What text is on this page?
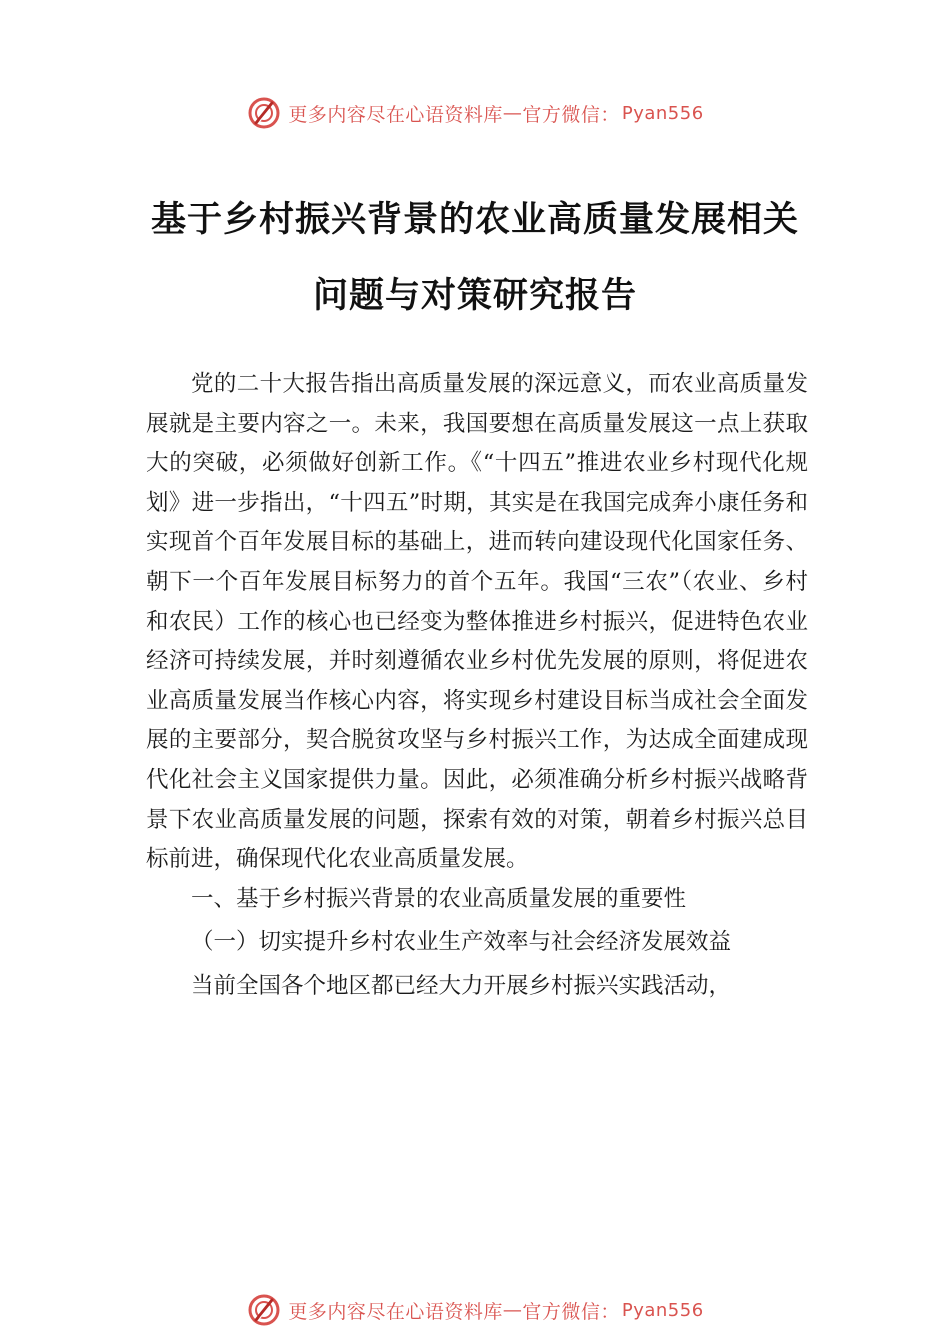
更多内容尽在心语资料库 — 官方微信： Pyan556
基于乡村振兴背景的农业高质量发展相关
问题与对策研究报告

党的二十大报告指出高质量发展的深远意义，而农业高质量发展就是主要内容之一。未来，我国要想在高质量发展这一点上获取大的突破，必须做好创新工作。《“十四五”推进农业乡村现代化规划》进一步指出，“十四五”时期，其实是在我国完成奔小康任务和实现首个百年发展目标的基础上，进而转向建设现代化国家任务、朝下一个百年发展目标努力的首个五年。我国“三农”（农业、乡村和农民）工作的核心也已经变为整体推进乡村振兴，促进特色农业经济可持续发展，并时刻遵循农业乡村优先发展的原则，将促进农业高质量发展当作核心内容，将实现乡村建设目标当成社会全面发展的主要部分，契合脱贫攻坚与乡村振兴工作，为达成全面建成现代化社会主义国家提供力量。因此，必须准确分析乡村振兴战略背景下农业高质量发展的问题，探索有效的对策，朝着乡村振兴总目标前进，确保现代化农业高质量发展。

一、基于乡村振兴背景的农业高质量发展的重要性

（一）切实提升乡村农业生产效率与社会经济发展效益

当前全国各个地区都已经大力开展乡村振兴实践活动，

更多内容尽在心语资料库 — 官方微信： Pyan556
